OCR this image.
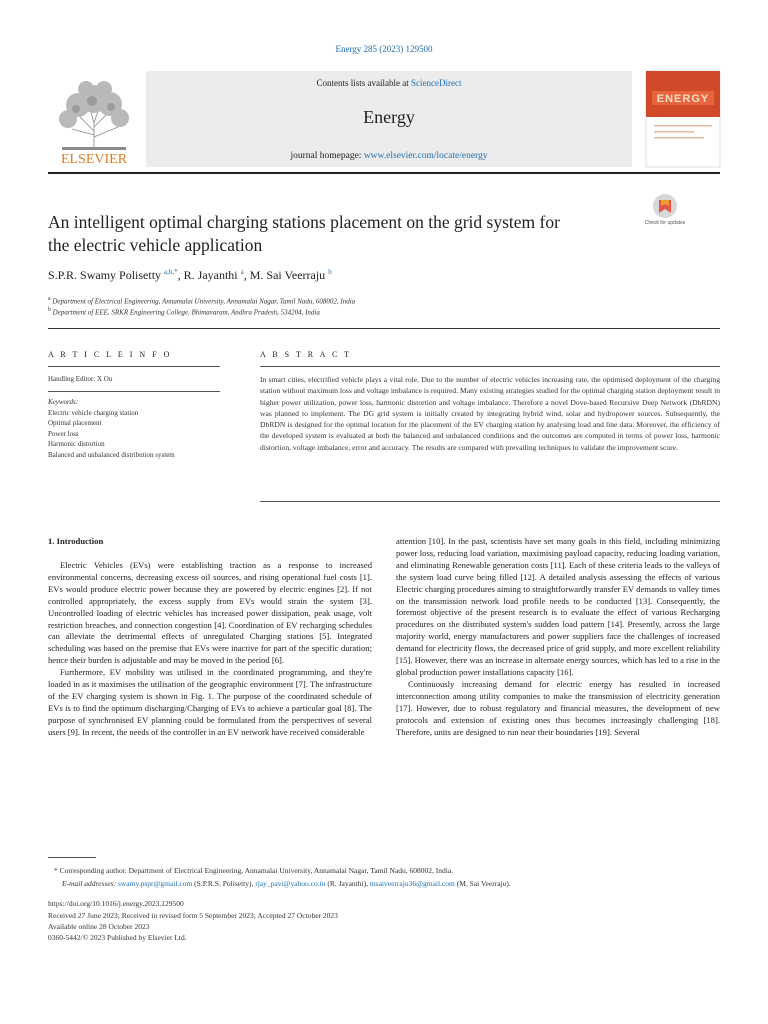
Energy 285 (2023) 129500
ELSEVIER
Contents lists available at ScienceDirect
Energy
journal homepage: www.elsevier.com/locate/energy
ENERGY
An intelligent optimal charging stations placement on the grid system for
the electric vehicle application
Check for updates
S.P.R. Swamy Polisetty $^{a,b,*}$, R. Jayanthi $^a$, M. Sai Veerraju $^b$
$^a$ Department of Electrical Engineering, Annamalai University, Annamalai Nagar, Tamil Nadu, 608002, India
$^b$ Department of EEE, SRKR Engineering College, Bhimavaram, Andhra Pradesh, 534204, India
A R T I C L E I N F O
Handling Editor: X Ou
Keywords:
Electric vehicle charging station
Optimal placement
Power loss
Harmonic distortion
Balanced and unbalanced distribution system
A B S T R A C T
In smart cities, electrified vehicle plays a vital role. Due to the number of electric vehicles increasing rate, the optimised deployment of the charging station without maximum loss and voltage imbalance is required. Many existing strategies studied for the optimal charging station deployment result in higher power utilization, power loss, harmonic distortion and voltage imbalance. Therefore a novel Dove-based Recursive Deep Network (DbRDN) was planned to implement. The DG grid system is initially created by integrating hybrid wind, solar and hydropower sources. Subsequently, the DbRDN is designed for the optimal location for the placement of the EV charging station by analysing load and line data. Moreover, the efficiency of the developed system is evaluated at both the balanced and unbalanced conditions and the outcomes are computed in terms of power loss, harmonic distortion, voltage imbalance, error and accuracy. The results are compared with prevailing techniques to validate the improvement score.
1. Introduction

Electric Vehicles (EVs) were establishing traction as a response to increased environmental concerns, decreasing excess oil sources, and rising operational fuel costs [1]. EVs would produce electric power because they are powered by electric engines [2]. If not controlled appropriately, the excess supply from EVs would strain the system [3]. Uncontrolled loading of electric vehicles has increased power dissipation, peak usage, volt restriction breaches, and connection congestion [4]. Coordination of EV recharging schedules can alleviate the detrimental effects of unregulated Charging stations [5]. Integrated scheduling was based on the premise that EVs were inactive for part of the specific duration; hence their burden is adjustable and may be moved in the period [6].

Furthermore, EV mobility was utilised in the coordinated programming, and they're loaded in as it maximises the utilisation of the geographic environment [7]. The infrastructure of the EV charging system is shown in Fig. 1. The purpose of the coordinated schedule of EVs is to find the optimum discharging/Charging of EVs to achieve a particular goal [8]. The purpose of synchronised EV planning could be formulated from the perspectives of several users [9]. In recent, the needs of the controller in an EV network have received considerable

attention [10]. In the past, scientists have set many goals in this field, including minimizing power loss, reducing load variation, maximising payload capacity, reducing loading variation, and eliminating Renewable generation costs [11]. Each of these criteria leads to the valleys of the system load curve being filled [12]. A detailed analysis assessing the effects of various Electric charging procedures aiming to straightforwardly transfer EV demands to valley times on the transmission network load profile needs to be conducted [13]. Consequently, the foremost objective of the present research is to evaluate the effect of various Recharging procedures on the distributed system's sudden load pattern [14]. Presently, across the large majority world, energy manufacturers and power suppliers face the challenges of increased demand for electricity flows, the decreased price of grid supply, and more excellent reliability [15]. However, there was an increase in alternate energy sources, which has led to a rise in the global production power installations capacity [16].

Continuously increasing demand for electric energy has resulted in increased interconnection among utility companies to make the transmission of electricity generation [17]. However, due to robust regulatory and financial measures, the development of new protocols and extension of existing ones thus becomes increasingly challenging [18]. Therefore, units are designed to run near their boundaries [19]. Several

* Corresponding author. Department of Electrical Engineering, Annamalai University, Annamalai Nagar, Tamil Nadu, 608002, India.
E-mail addresses: swamy.pspr@gmail.com (S.P.R.S. Polisetty), rjay_pavi@yahoo.co.in (R. Jayanthi), msaiveerraju36@gmail.com (M. Sai Veerraju).
https://doi.org/10.1016/j.energy.2023.129500
Received 27 June 2023; Received in revised form 5 September 2023; Accepted 27 October 2023
Available online 28 October 2023
0360-5442/© 2023 Published by Elsevier Ltd.
